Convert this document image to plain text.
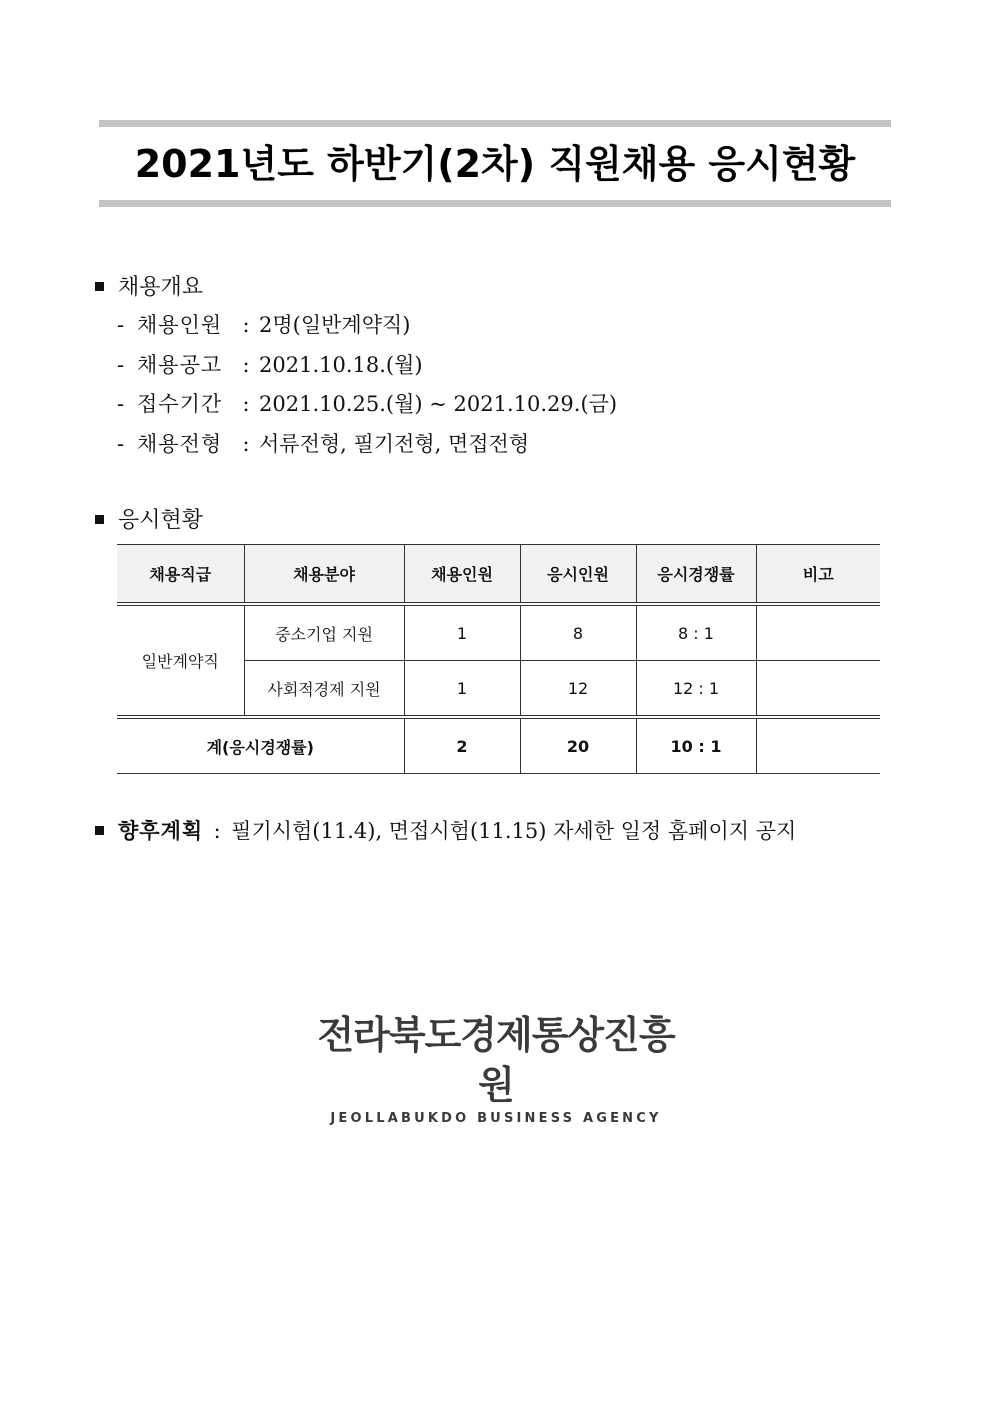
2021년도 하반기(2차) 직원채용 응시현황
채용개요
- 채용인원 : 2명(일반계약직)
- 채용공고 : 2021.10.18.(월)
- 접수기간 : 2021.10.25.(월) ~ 2021.10.29.(금)
- 채용전형 : 서류전형, 필기전형, 면접전형
응시현황
채용직급	채용분야	채용인원	응시인원	응시경쟁률	비고
일반계약직	중소기업 지원	1	8	8 : 1	
	사회적경제 지원	1	12	12 : 1	
계(응시경쟁률)		2	20	10 : 1	
향후계획 : 필기시험(11.4), 면접시험(11.15) 자세한 일정 홈페이지 공지
전라북도경제통상진흥원
JEOLLABUKDO BUSINESS AGENCY
